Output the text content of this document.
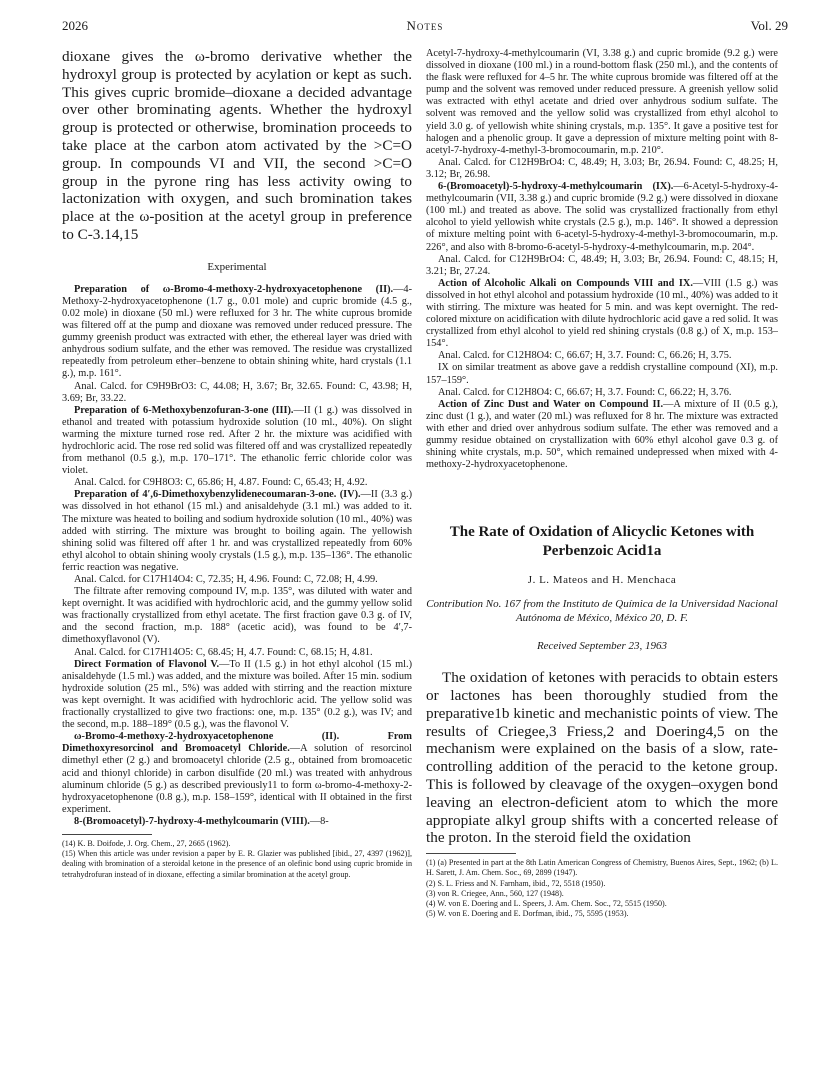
2026	Notes	Vol. 29

dioxane gives the ω-bromo derivative whether the hydroxyl group is protected by acylation or kept as such. This gives cupric bromide–dioxane a decided advantage over other brominating agents. Whether the hydroxyl group is protected or otherwise, bromination proceeds to take place at the carbon atom activated by the >C=O group. In compounds VI and VII, the second >C=O group in the pyrone ring has less activity owing to lactonization with oxygen, and such bromination takes place at the ω-position at the acetyl group in preference to C-3.14,15

Experimental

Preparation of ω-Bromo-4-methoxy-2-hydroxyacetophenone (II).—4-Methoxy-2-hydroxyacetophenone (1.7 g., 0.01 mole) and cupric bromide (4.5 g., 0.02 mole) in dioxane (50 ml.) were refluxed for 3 hr. The white cuprous bromide was filtered off at the pump and dioxane was removed under reduced pressure. The gummy greenish product was extracted with ether, the ethereal layer was dried with anhydrous sodium sulfate, and the ether was removed. The residue was crystallized repeatedly from petroleum ether–benzene to obtain shining white, hard crystals (1.1 g.), m.p. 161°.

Anal. Calcd. for C9H9BrO3: C, 44.08; H, 3.67; Br, 32.65. Found: C, 43.98; H, 3.69; Br, 33.22.

Preparation of 6-Methoxybenzofuran-3-one (III).—II (1 g.) was dissolved in ethanol and treated with potassium hydroxide solution (10 ml., 40%). On slight warming the mixture turned rose red. After 2 hr. the mixture was acidified with hydrochloric acid. The rose red solid was filtered off and was crystallized repeatedly from methanol (0.5 g.), m.p. 170–171°. The ethanolic ferric chloride color was violet.

Anal. Calcd. for C9H8O3: C, 65.86; H, 4.87. Found: C, 65.43; H, 4.92.

Preparation of 4′,6-Dimethoxybenzylidenecoumaran-3-one. (IV).—II (3.3 g.) was dissolved in hot ethanol (15 ml.) and anisaldehyde (3.1 ml.) was added to it. The mixture was heated to boiling and sodium hydroxide solution (10 ml., 40%) was added with stirring. The mixture was brought to boiling again. The yellowish shining solid was filtered off after 1 hr. and was crystallized repeatedly from 60% ethyl alcohol to obtain shining wooly crystals (1.5 g.), m.p. 135–136°. The ethanolic ferric reaction was negative.

Anal. Calcd. for C17H14O4: C, 72.35; H, 4.96. Found: C, 72.08; H, 4.99.

The filtrate after removing compound IV, m.p. 135°, was diluted with water and kept overnight. It was acidified with hydrochloric acid, and the gummy yellow solid was fractionally crystallized from ethyl acetate. The first fraction gave 0.3 g. of IV, and the second fraction, m.p. 188° (acetic acid), was found to be 4′,7-dimethoxyflavonol (V).

Anal. Calcd. for C17H14O5: C, 68.45; H, 4.7. Found: C, 68.15; H, 4.81.

Direct Formation of Flavonol V.—To II (1.5 g.) in hot ethyl alcohol (15 ml.) anisaldehyde (1.5 ml.) was added, and the mixture was boiled. After 15 min. sodium hydroxide solution (25 ml., 5%) was added with stirring and the reaction mixture was kept overnight. It was acidified with hydrochloric acid. The yellow solid was fractionally crystallized to give two fractions: one, m.p. 135° (0.2 g.), was IV; and the second, m.p. 188–189° (0.5 g.), was the flavonol V.

ω-Bromo-4-methoxy-2-hydroxyacetophenone (II). From Dimethoxyresorcinol and Bromoacetyl Chloride.—A solution of resorcinol dimethyl ether (2 g.) and bromoacetyl chloride (2.5 g., obtained from bromoacetic acid and thionyl chloride) in carbon disulfide (20 ml.) was treated with anhydrous aluminum chloride (5 g.) as described previously11 to form ω-bromo-4-methoxy-2-hydroxyacetophenone (0.8 g.), m.p. 158–159°, identical with II obtained in the first experiment.

8-(Bromoacetyl)-7-hydroxy-4-methylcoumarin (VIII).—8-

(14) K. B. Doifode, J. Org. Chem., 27, 2665 (1962).

(15) When this article was under revision a paper by E. R. Glazier was published [ibid., 27, 4397 (1962)], dealing with bromination of a steroidal ketone in the presence of an olefinic bond using cupric bromide in tetrahydrofuran instead of in dioxane, effecting a similar bromination at the acetyl group.

Acetyl-7-hydroxy-4-methylcoumarin (VI, 3.38 g.) and cupric bromide (9.2 g.) were dissolved in dioxane (100 ml.) in a round-bottom flask (250 ml.), and the contents of the flask were refluxed for 4–5 hr. The white cuprous bromide was filtered off at the pump and the solvent was removed under reduced pressure. A greenish yellow solid was extracted with ethyl acetate and dried over anhydrous sodium sulfate. The solvent was removed and the yellow solid was crystallized from ethyl alcohol to yield 3.0 g. of yellowish white shining crystals, m.p. 135°. It gave a positive test for halogen and a phenolic group. It gave a depression of mixture melting point with 8-acetyl-7-hydroxy-4-methyl-3-bromocoumarin, m.p. 210°.

Anal. Calcd. for C12H9BrO4: C, 48.49; H, 3.03; Br, 26.94. Found: C, 48.25; H, 3.12; Br, 26.98.

6-(Bromoacetyl)-5-hydroxy-4-methylcoumarin (IX).—6-Acetyl-5-hydroxy-4-methylcoumarin (VII, 3.38 g.) and cupric bromide (9.2 g.) were dissolved in dioxane (100 ml.) and treated as above. The solid was crystallized fractionally from ethyl alcohol to yield yellowish white crystals (2.5 g.), m.p. 146°. It showed a depression of mixture melting point with 6-acetyl-5-hydroxy-4-methyl-3-bromocoumarin, m.p. 226°, and also with 8-bromo-6-acetyl-5-hydroxy-4-methylcoumarin, m.p. 204°.

Anal. Calcd. for C12H9BrO4: C, 48.49; H, 3.03; Br, 26.94. Found: C, 48.15; H, 3.21; Br, 27.24.

Action of Alcoholic Alkali on Compounds VIII and IX.—VIII (1.5 g.) was dissolved in hot ethyl alcohol and potassium hydroxide (10 ml., 40%) was added to it with stirring. The mixture was heated for 5 min. and was kept overnight. The red-colored mixture on acidification with dilute hydrochloric acid gave a red solid. It was crystallized from ethyl alcohol to yield red shining crystals (0.8 g.) of X, m.p. 153–154°.

Anal. Calcd. for C12H8O4: C, 66.67; H, 3.7. Found: C, 66.26; H, 3.75.

IX on similar treatment as above gave a reddish crystalline compound (XI), m.p. 157–159°.

Anal. Calcd. for C12H8O4: C, 66.67; H, 3.7. Found: C, 66.22; H, 3.76.

Action of Zinc Dust and Water on Compound II.—A mixture of II (0.5 g.), zinc dust (1 g.), and water (20 ml.) was refluxed for 8 hr. The mixture was extracted with ether and dried over anhydrous sodium sulfate. The ether was removed and a gummy residue obtained on crystallization with 60% ethyl alcohol gave 0.3 g. of shining white crystals, m.p. 50°, which remained undepressed when mixed with 4-methoxy-2-hydroxyacetophenone.

The Rate of Oxidation of Alicyclic Ketones with Perbenzoic Acid1a
J. L. Mateos and H. Menchaca
Contribution No. 167 from the Instituto de Química de la Universidad Nacional Autónoma de México, México 20, D. F.
Received September 23, 1963

The oxidation of ketones with peracids to obtain esters or lactones has been thoroughly studied from the preparative1b kinetic and mechanistic points of view. The results of Criegee,3 Friess,2 and Doering4,5 on the mechanism were explained on the basis of a slow, rate-controlling addition of the peracid to the ketone group. This is followed by cleavage of the oxygen–oxygen bond leaving an electron-deficient atom to which the more appropiate alkyl group shifts with a concerted release of the proton. In the steroid field the oxidation

(1) (a) Presented in part at the 8th Latin American Congress of Chemistry, Buenos Aires, Sept., 1962; (b) L. H. Sarett, J. Am. Chem. Soc., 69, 2899 (1947).

(2) S. L. Friess and N. Farnham, ibid., 72, 5518 (1950).

(3) von R. Criegee, Ann., 560, 127 (1948).

(4) W. von E. Doering and L. Speers, J. Am. Chem. Soc., 72, 5515 (1950).

(5) W. von E. Doering and E. Dorfman, ibid., 75, 5595 (1953).
